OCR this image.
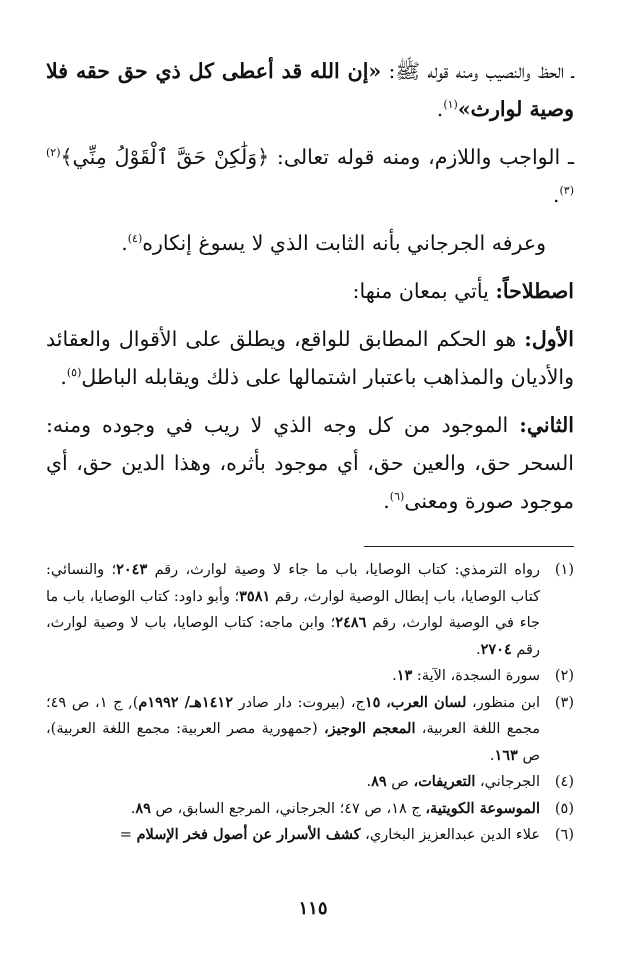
ـ الحظ والنصيب ومنه قوله ﷺ: «إن الله قد أعطى كل ذي حق حقه فلا وصية لوارث»$^{(١)}$.

ـ الواجب واللازم، ومنه قوله تعالى: ﴿وَلَٰكِنْ حَقَّ ٱلْقَوْلُ مِنِّي﴾$^{(٢)(٣)}$.

وعرفه الجرجاني بأنه الثابت الذي لا يسوغ إنكاره$^{(٤)}$.

اصطلاحاً: يأتي بمعان منها:

الأول: هو الحكم المطابق للواقع، ويطلق على الأقوال والعقائد والأديان والمذاهب باعتبار اشتمالها على ذلك ويقابله الباطل$^{(٥)}$.

الثاني: الموجود من كل وجه الذي لا ريب في وجوده ومنه: السحر حق، والعين حق، أي موجود بأثره، وهذا الدين حق، أي موجود صورة ومعنى$^{(٦)}$.

(١)
رواه الترمذي: كتاب الوصايا، باب ما جاء لا وصية لوارث، رقم ٢٠٤٣؛ والنسائي: كتاب الوصايا، باب إبطال الوصية لوارث، رقم ٣٥٨١؛ وأبو داود: كتاب الوصايا، باب ما جاء في الوصية لوارث، رقم ٢٤٨٦؛ وابن ماجه: كتاب الوصايا، باب لا وصية لوارث، رقم ٢٧٠٤.
(٢)
سورة السجدة، الآية: ١٣.
(٣)
ابن منظور، لسان العرب، ١٥ج، (بيروت: دار صادر ١٤١٢هـ/ ١٩٩٢م), ج ١، ص ٤٩؛ مجمع اللغة العربية، المعجم الوجيز، (جمهورية مصر العربية: مجمع اللغة العربية)، ص ١٦٣.
(٤)
الجرجاني، التعريفات، ص ٨٩.
(٥)
الموسوعة الكويتية، ج ١٨، ص ٤٧؛ الجرجاني، المرجع السابق، ص ٨٩.
(٦)
علاء الدين عبدالعزيز البخاري، كشف الأسرار عن أصول فخر الإسلام =
١١٥
